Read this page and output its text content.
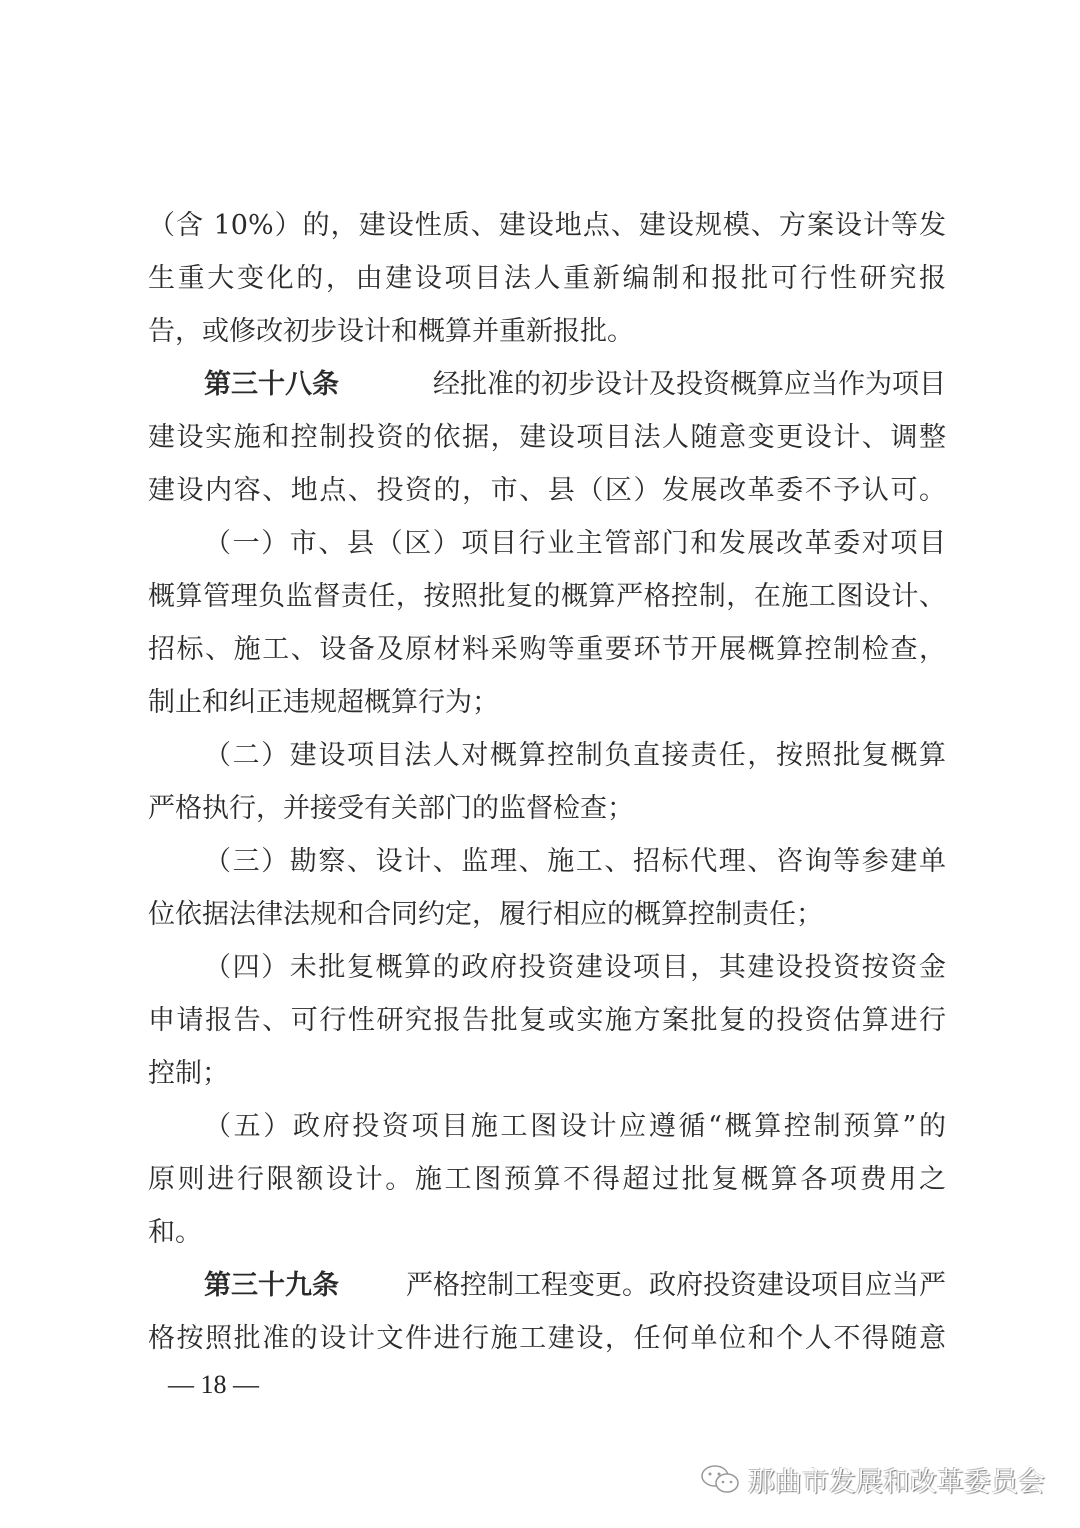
（含 10%）的，建设性质、建设地点、建设规模、方案设计等发
生重大变化的，由建设项目法人重新编制和报批可行性研究报
告，或修改初步设计和概算并重新报批。
第三十八条	经批准的初步设计及投资概算应当作为项目
建设实施和控制投资的依据，建设项目法人随意变更设计、调整
建设内容、地点、投资的，市、县（区）发展改革委不予认可。
（一）市、县（区）项目行业主管部门和发展改革委对项目
概算管理负监督责任，按照批复的概算严格控制，在施工图设计、
招标、施工、设备及原材料采购等重要环节开展概算控制检查，
制止和纠正违规超概算行为；
（二）建设项目法人对概算控制负直接责任，按照批复概算
严格执行，并接受有关部门的监督检查；
（三）勘察、设计、监理、施工、招标代理、咨询等参建单
位依据法律法规和合同约定，履行相应的概算控制责任；
（四）未批复概算的政府投资建设项目，其建设投资按资金
申请报告、可行性研究报告批复或实施方案批复的投资估算进行
控制；
（五）政府投资项目施工图设计应遵循“概算控制预算”的
原则进行限额设计。施工图预算不得超过批复概算各项费用之
和。
第三十九条 严格控制工程变更。政府投资建设项目应当严
格按照批准的设计文件进行施工建设，任何单位和个人不得随意
— 18 —
那曲市发展和改革委员会
